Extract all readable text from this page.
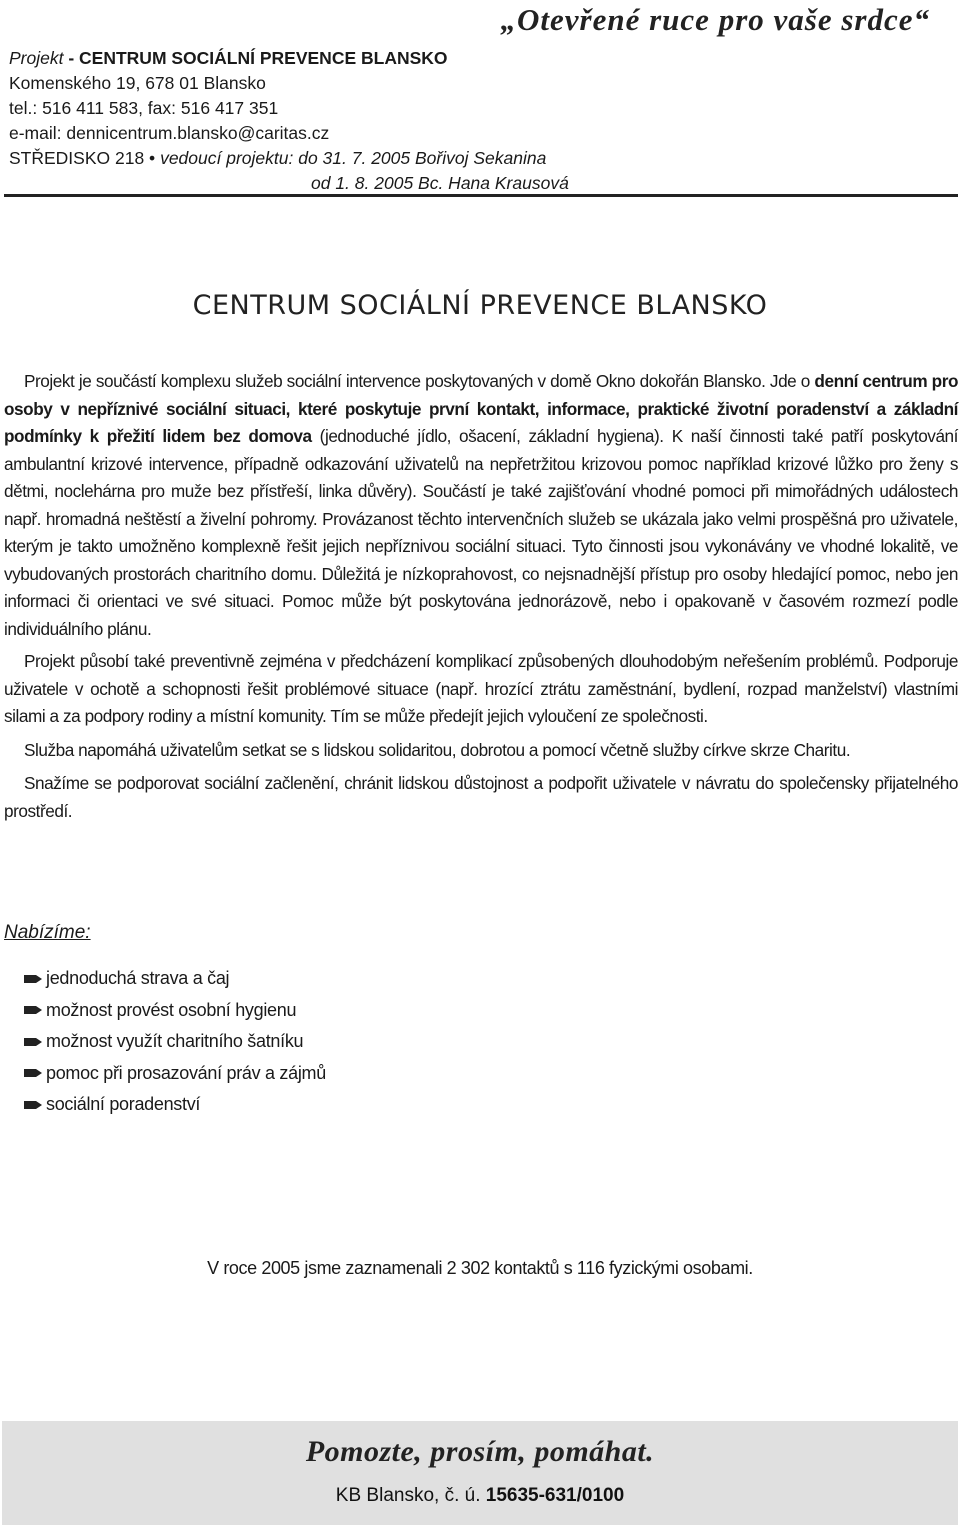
Projekt - CENTRUM SOCIÁLNÍ PREVENCE BLANSKO
Komenského 19, 678 01 Blansko
tel.: 516 411 583, fax: 516 417 351
e-mail: dennicentrum.blansko@caritas.cz
STŘEDISKO 218 • vedoucí projektu: do 31. 7. 2005 Bořivoj Sekanina
od 1. 8. 2005 Bc. Hana Krausová
„Otevřené ruce pro vaše srdce“
CENTRUM SOCIÁLNÍ PREVENCE BLANSKO

Projekt je součástí komplexu služeb sociální intervence poskytovaných v domě Okno dokořán Blansko. Jde o denní centrum pro osoby v nepříznivé sociální situaci, které poskytuje první kontakt, informace, praktické životní poradenství a základní podmínky k přežití lidem bez domova (jednoduché jídlo, ošacení, základní hygiena). K naší činnosti také patří poskytování ambulantní krizové intervence, případně odkazování uživatelů na nepřetržitou krizovou pomoc například krizové lůžko pro ženy s dětmi, noclehárna pro muže bez přístřeší, linka důvěry). Součástí je také zajišťování vhodné pomoci při mimořádných událostech např. hromadná neštěstí a živelní pohromy. Provázanost těchto intervenčních služeb se ukázala jako velmi prospěšná pro uživatele, kterým je takto umožněno komplexně řešit jejich nepříznivou sociální situaci. Tyto činnosti jsou vykonávány ve vhodné lokalitě, ve vybudovaných prostorách charitního domu. Důležitá je nízkoprahovost, co nejsnadnější přístup pro osoby hledající pomoc, nebo jen informaci či orientaci ve své situaci. Pomoc může být poskytována jednorázově, nebo i opakovaně v časovém rozmezí podle individuálního plánu.

Projekt působí také preventivně zejména v předcházení komplikací způsobených dlouhodobým neřešením problémů. Podporuje uživatele v ochotě a schopnosti řešit problémové situace (např. hrozící ztrátu zaměstnání, bydlení, rozpad manželství) vlastními silami a za podpory rodiny a místní komunity. Tím se může předejít jejich vyloučení ze společnosti.

Služba napomáhá uživatelům setkat se s lidskou solidaritou, dobrotou a pomocí včetně služby církve skrze Charitu.

Snažíme se podporovat sociální začlenění, chránit lidskou důstojnost a podpořit uživatele v návratu do společensky přijatelného prostředí.

Nabízíme:
jednoduchá strava a čaj
možnost provést osobní hygienu
možnost využít charitního šatníku
pomoc při prosazování práv a zájmů
sociální poradenství
V roce 2005 jsme zaznamenali 2 302 kontaktů s 116 fyzickými osobami.
Pomozte, prosím, pomáhat.
KB Blansko, č. ú. 15635-631/0100
